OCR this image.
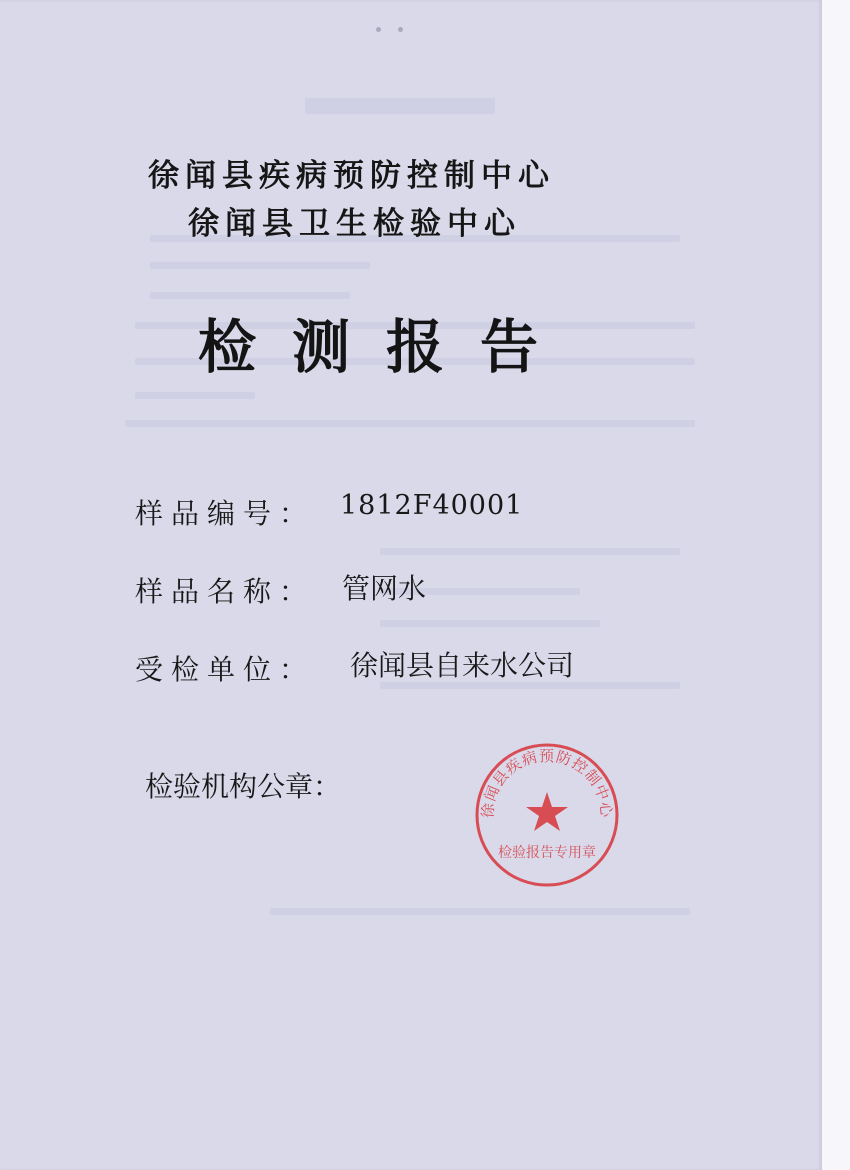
徐闻县疾病预防控制中心
徐闻县卫生检验中心
检测报告
样品编号： 1812F40001
样品名称： 管网水
受检单位： 徐闻县自来水公司
检验机构公章：
徐闻县疾病预防控制中心
检验报告专用章
